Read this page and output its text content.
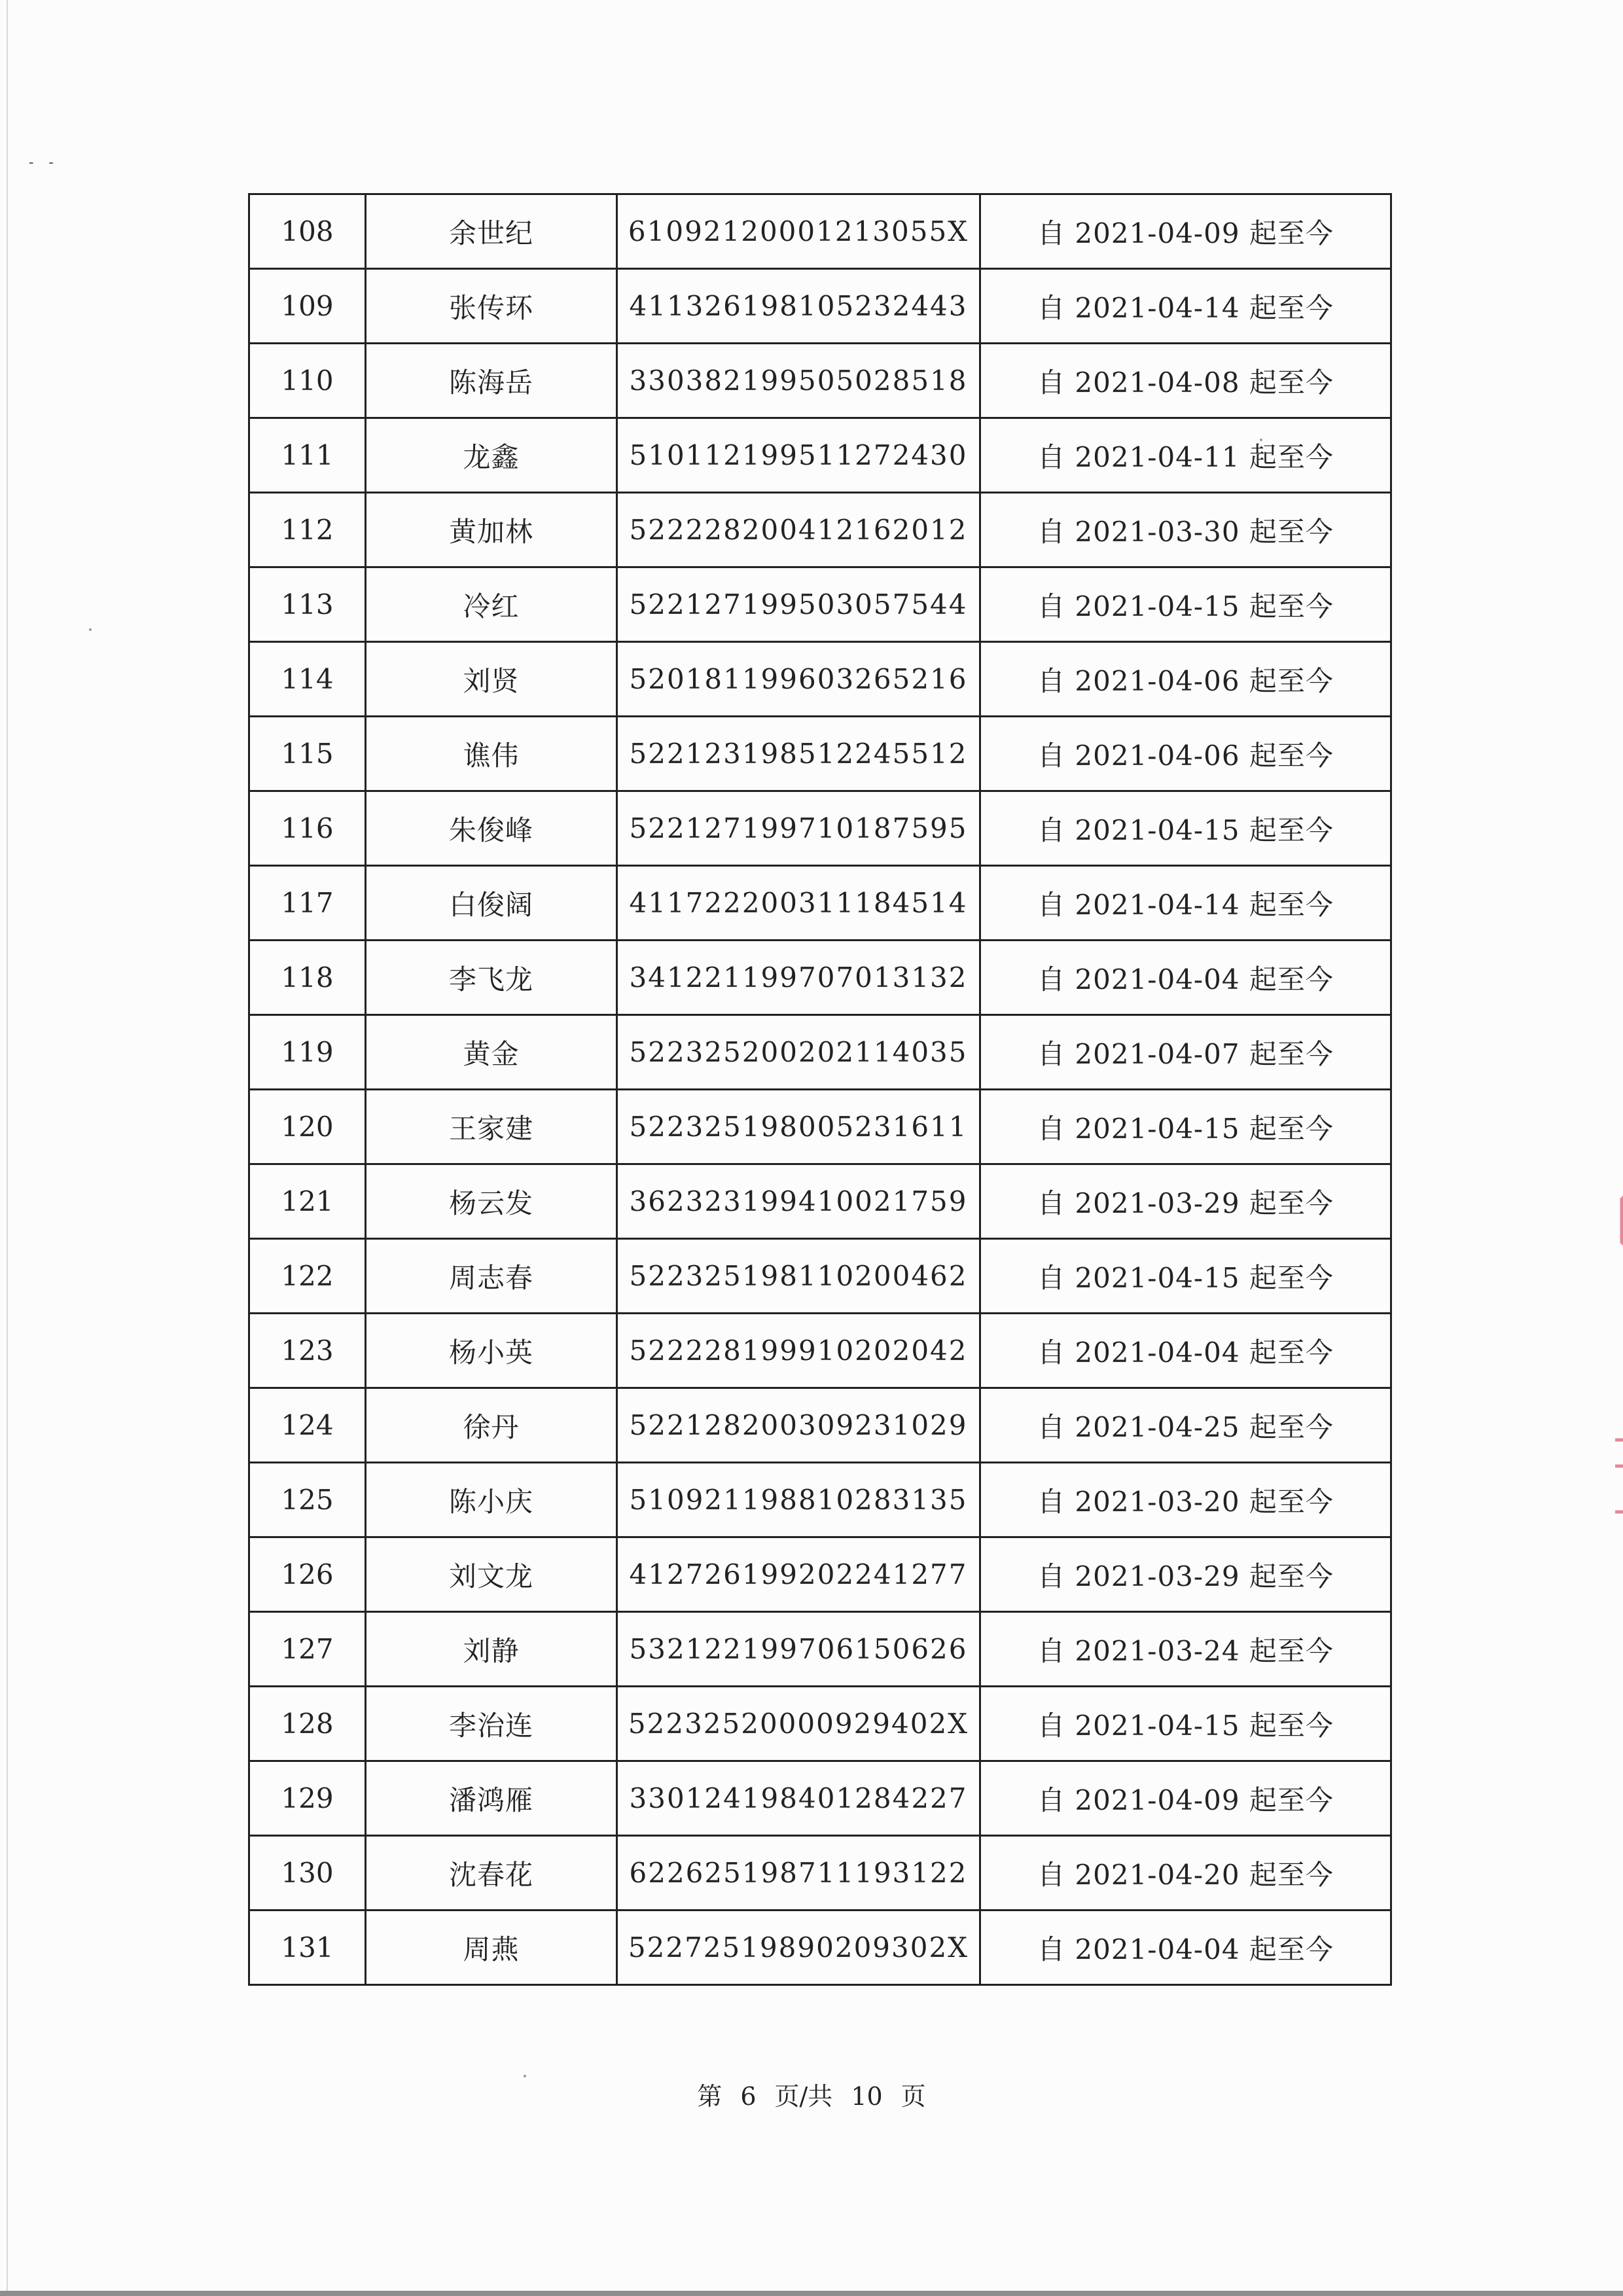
- -
108	余世纪	61092120001213055X	自 2021-04-09 起至今
109	张传环	411326198105232443	自 2021-04-14 起至今
110	陈海岳	330382199505028518	自 2021-04-08 起至今
111	龙鑫	510112199511272430	自 2021-04-11 起至今
112	黄加林	522228200412162012	自 2021-03-30 起至今
113	冷红	522127199503057544	自 2021-04-15 起至今
114	刘贤	520181199603265216	自 2021-04-06 起至今
115	谯伟	522123198512245512	自 2021-04-06 起至今
116	朱俊峰	522127199710187595	自 2021-04-15 起至今
117	白俊阔	411722200311184514	自 2021-04-14 起至今
118	李飞龙	341221199707013132	自 2021-04-04 起至今
119	黄金	522325200202114035	自 2021-04-07 起至今
120	王家建	522325198005231611	自 2021-04-15 起至今
121	杨云发	362323199410021759	自 2021-03-29 起至今
122	周志春	522325198110200462	自 2021-04-15 起至今
123	杨小英	522228199910202042	自 2021-04-04 起至今
124	徐丹	522128200309231029	自 2021-04-25 起至今
125	陈小庆	510921198810283135	自 2021-03-20 起至今
126	刘文龙	412726199202241277	自 2021-03-29 起至今
127	刘静	532122199706150626	自 2021-03-24 起至今
128	李治连	52232520000929402X	自 2021-04-15 起至今
129	潘鸿雁	330124198401284227	自 2021-04-09 起至今
130	沈春花	622625198711193122	自 2021-04-20 起至今
131	周燕	52272519890209302X	自 2021-04-04 起至今
第 6 页/共 10 页
